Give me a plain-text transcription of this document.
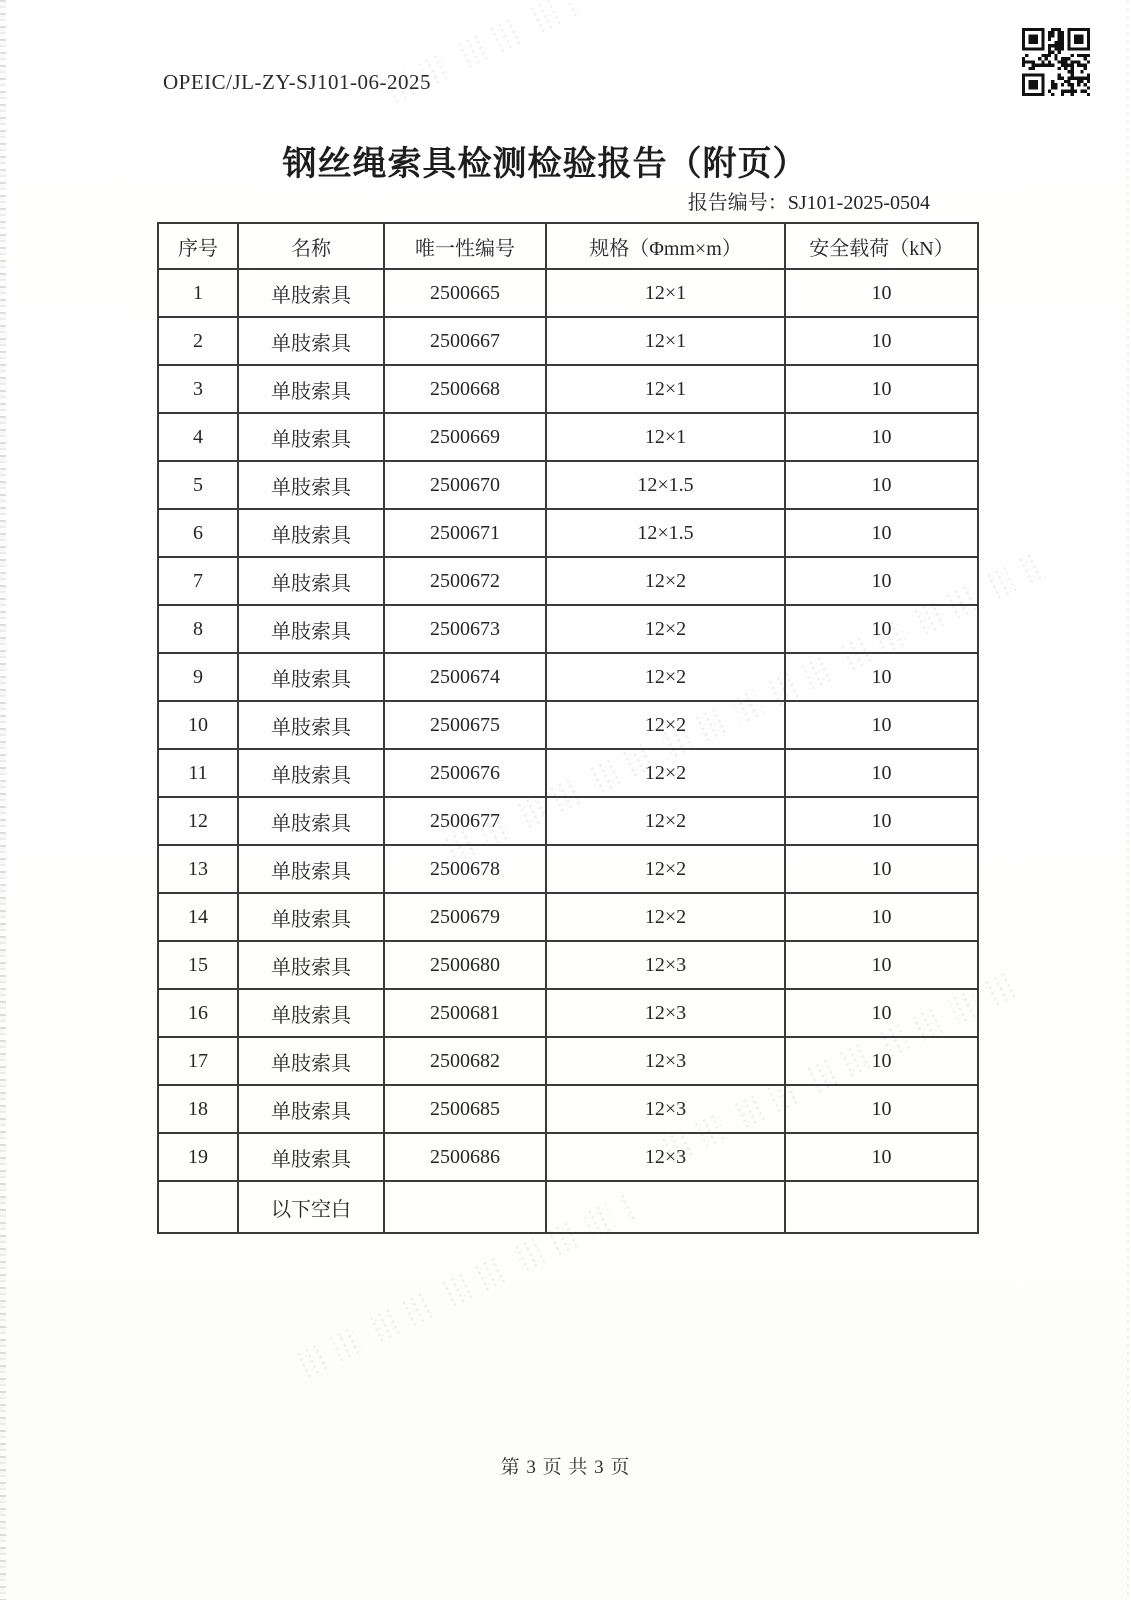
OPEIC/JL-ZY-SJ101-06-2025
钢丝绳索具检测检验报告（附页）
报告编号：SJ101-2025-0504
序号	名称	唯一性编号	规格（Φmm×m）	安全载荷（kN）
1	单肢索具	2500665	12×1	10
2	单肢索具	2500667	12×1	10
3	单肢索具	2500668	12×1	10
4	单肢索具	2500669	12×1	10
5	单肢索具	2500670	12×1.5	10
6	单肢索具	2500671	12×1.5	10
7	单肢索具	2500672	12×2	10
8	单肢索具	2500673	12×2	10
9	单肢索具	2500674	12×2	10
10	单肢索具	2500675	12×2	10
11	单肢索具	2500676	12×2	10
12	单肢索具	2500677	12×2	10
13	单肢索具	2500678	12×2	10
14	单肢索具	2500679	12×2	10
15	单肢索具	2500680	12×3	10
16	单肢索具	2500681	12×3	10
17	单肢索具	2500682	12×3	10
18	单肢索具	2500685	12×3	10
19	单肢索具	2500686	12×3	10
	以下空白			
第 3 页 共 3 页
